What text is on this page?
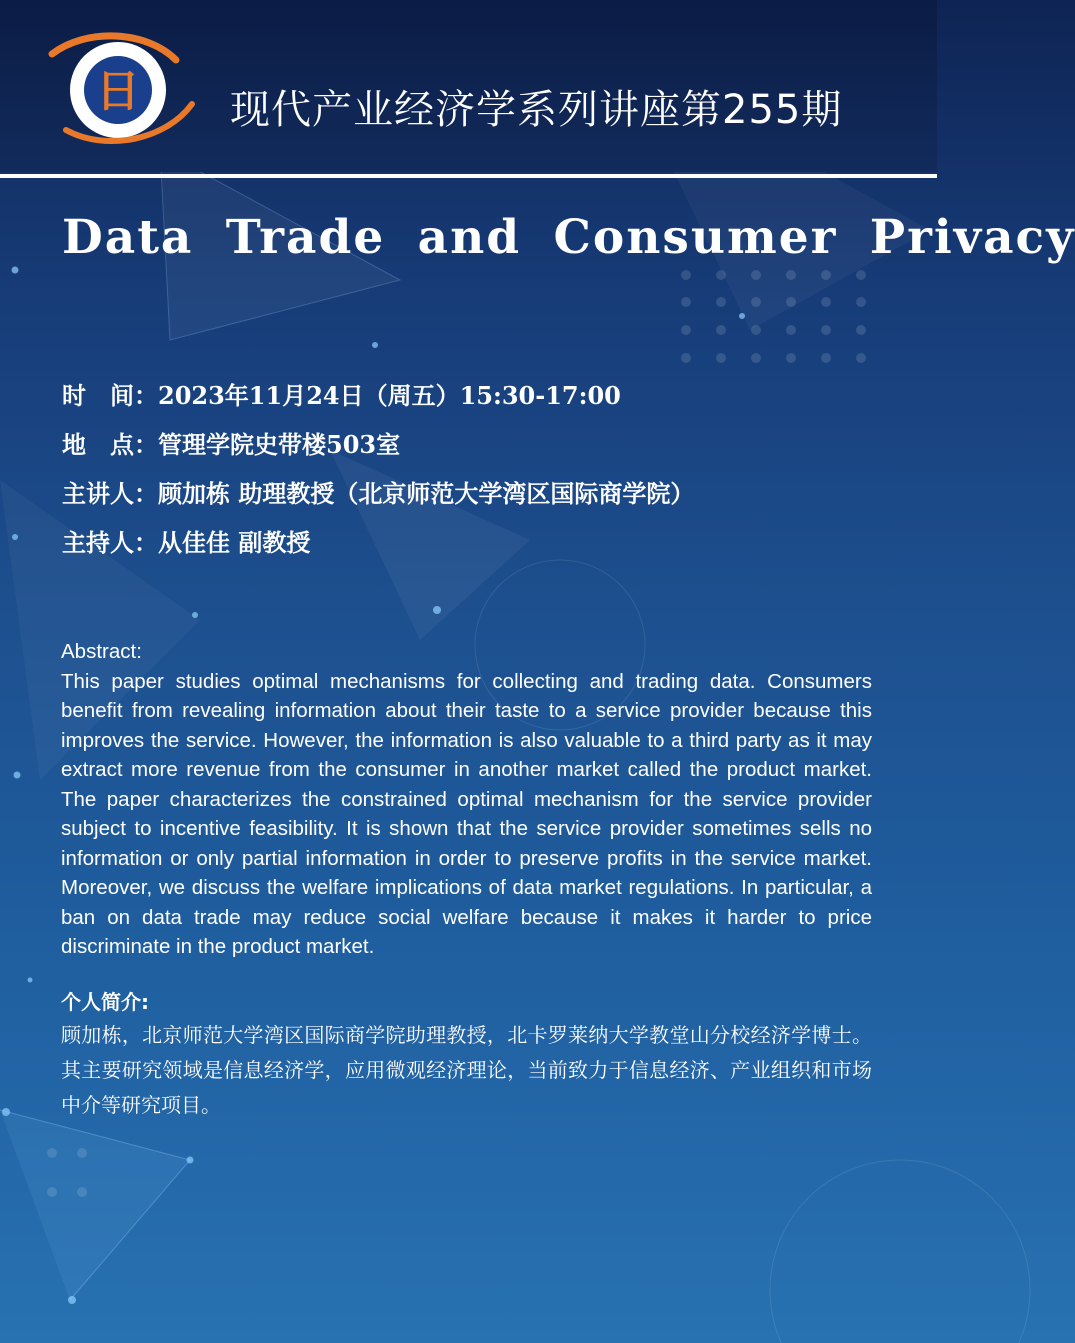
日 现代产业经济学系列讲座第255期
Data Trade and Consumer Privacy
时　间：2023年11月24日（周五）15:30-17:00
地　点：管理学院史带楼503室
主讲人：顾加栋 助理教授（北京师范大学湾区国际商学院）
主持人：从佳佳 副教授
Abstract:
This paper studies optimal mechanisms for collecting and trading data. Consumers benefit from revealing information about their taste to a service provider because this improves the service. However, the information is also valuable to a third party as it may extract more revenue from the consumer in another market called the product market. The paper characterizes the constrained optimal mechanism for the service provider subject to incentive feasibility. It is shown that the service provider sometimes sells no information or only partial information in order to preserve profits in the service market. Moreover, we discuss the welfare implications of data market regulations. In particular, a ban on data trade may reduce social welfare because it makes it harder to price discriminate in the product market.
个人简介:
顾加栋，北京师范大学湾区国际商学院助理教授，北卡罗莱纳大学教堂山分校经济学博士。其主要研究领域是信息经济学，应用微观经济理论，当前致力于信息经济、产业组织和市场中介等研究项目。
